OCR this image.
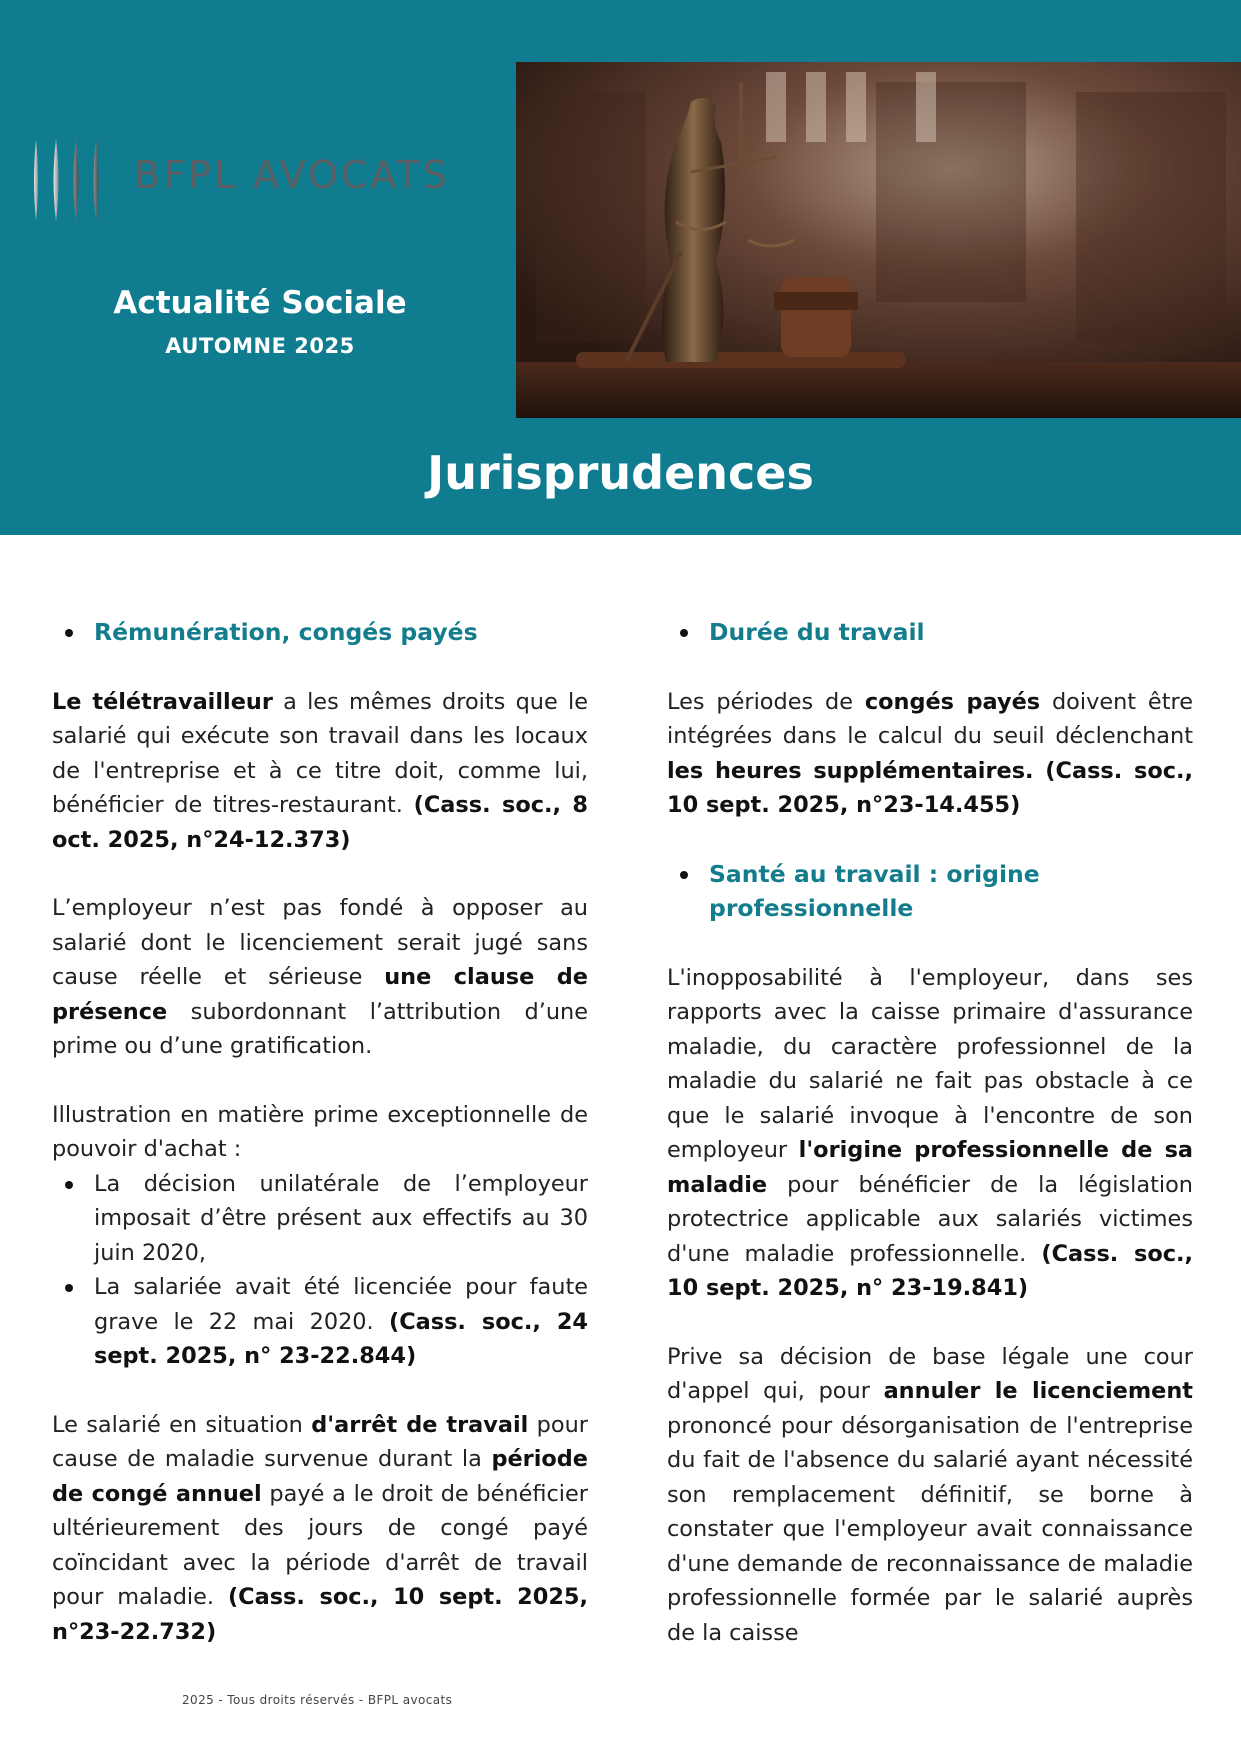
BFPL AVOCATS
Actualité Sociale
AUTOMNE 2025
Jurisprudences
Rémunération, congés payés

Le télétravailleur a les mêmes droits que le salarié qui exécute son travail dans les locaux de l'entreprise et à ce titre doit, comme lui, bénéficier de titres-restaurant. (Cass. soc., 8 oct. 2025, n°24-12.373)

L’employeur n’est pas fondé à opposer au salarié dont le licenciement serait jugé sans cause réelle et sérieuse une clause de présence subordonnant l’attribution d’une prime ou d’une gratification.

Illustration en matière prime exceptionnelle de pouvoir d'achat :

La décision unilatérale de l’employeur imposait d’être présent aux effectifs au 30 juin 2020,
La salariée avait été licenciée pour faute grave le 22 mai 2020. (Cass. soc., 24 sept. 2025, n° 23-22.844)

Le salarié en situation d'arrêt de travail pour cause de maladie survenue durant la période de congé annuel payé a le droit de bénéficier ultérieurement des jours de congé payé coïncidant avec la période d'arrêt de travail pour maladie. (Cass. soc., 10 sept. 2025, n°23-22.732)

Durée du travail

Les périodes de congés payés doivent être intégrées dans le calcul du seuil déclenchant les heures supplémentaires. (Cass. soc., 10 sept. 2025, n°23-14.455)

Santé au travail : origine professionnelle

L'inopposabilité à l'employeur, dans ses rapports avec la caisse primaire d'assurance maladie, du caractère professionnel de la maladie du salarié ne fait pas obstacle à ce que le salarié invoque à l'encontre de son employeur l'origine professionnelle de sa maladie pour bénéficier de la législation protectrice applicable aux salariés victimes d'une maladie professionnelle. (Cass. soc., 10 sept. 2025, n° 23-19.841)

Prive sa décision de base légale une cour d'appel qui, pour annuler le licenciement prononcé pour désorganisation de l'entreprise du fait de l'absence du salarié ayant nécessité son remplacement définitif, se borne à constater que l'employeur avait connaissance d'une demande de reconnaissance de maladie professionnelle formée par le salarié auprès de la caisse

2025 - Tous droits réservés - BFPL avocats
